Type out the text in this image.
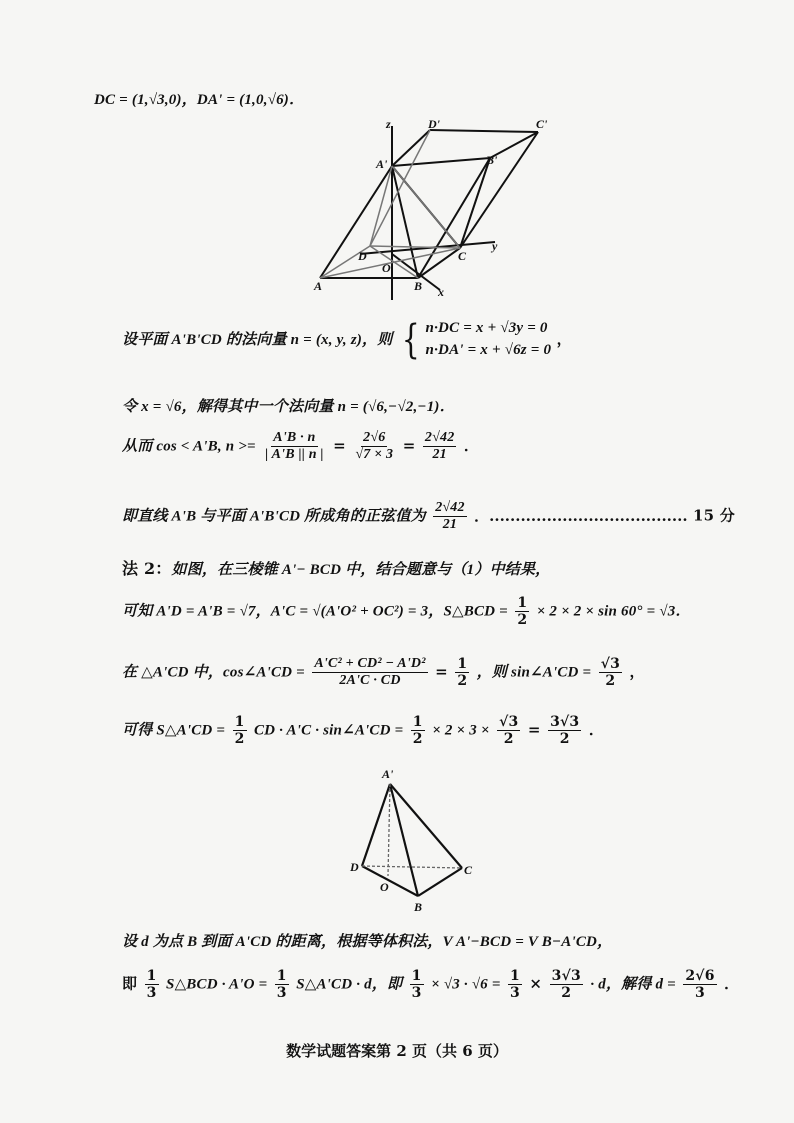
DC = (1,√3,0)，DA' = (1,0,√6)．
z	D'	C'
A'	B'
D
O
C
y
A	B x
设平面 A'B'CD 的法向量 n = (x, y, z)，则 { n·DC = x + √3y = 0
n·DA' = x + √6z = 0
，
令 x = √6，解得其中一个法向量 n = (√6,−√2,−1)．
从而 cos < A'B, $n >= \frac{A'B \cdot n}{| A'B || n |} = \frac{2√6}{√7 \times 3} = \frac{2√42}{21}$ ．
即直线 A'B 与平面 A'B'CD 所成角的正弦值为 $\frac{2√42}{21}$ ．...................................... 15 分
法 2：如图，在三棱锥 A'− BCD 中，结合题意与（1）中结果，
可知 A'D = A'B = √7，A'C = √(A'O² + OC²) = 3，S△BCD = $\frac{1}{2} \times 2 \times 2 \times \sin 60^\circ = √3$．
在 △A'CD 中，cos∠A'CD = $\frac{\text{A'C² + CD² − A'D²}}{2A'C \cdot CD} = \frac{1}{2}$ ，则 sin∠A'CD = $\frac{√3}{2}$ ，
可得 S△A'CD = $\frac{1}{2}$ CD · A'C · sin∠A'CD = $\frac{1}{2} \times 2 \times 3 \times \frac{√3}{2} = \frac{3√3}{2}$ ．
A'
D
O
C
B
设 d 为点 B 到面 A'CD 的距离，根据等体积法，V A'−BCD = V B−A'CD，
即 $\frac{1}{3}$ S△BCD · $A'O = \frac{1}{3}$ S△A'CD · d，即 $\frac{1}{3} \times √3 \cdot √6 = \frac{1}{3} \times \frac{3√3}{2} \cdot d$，解得 $d = \frac{2√6}{3}$ ．
数学试题答案第 2 页（共 6 页）
